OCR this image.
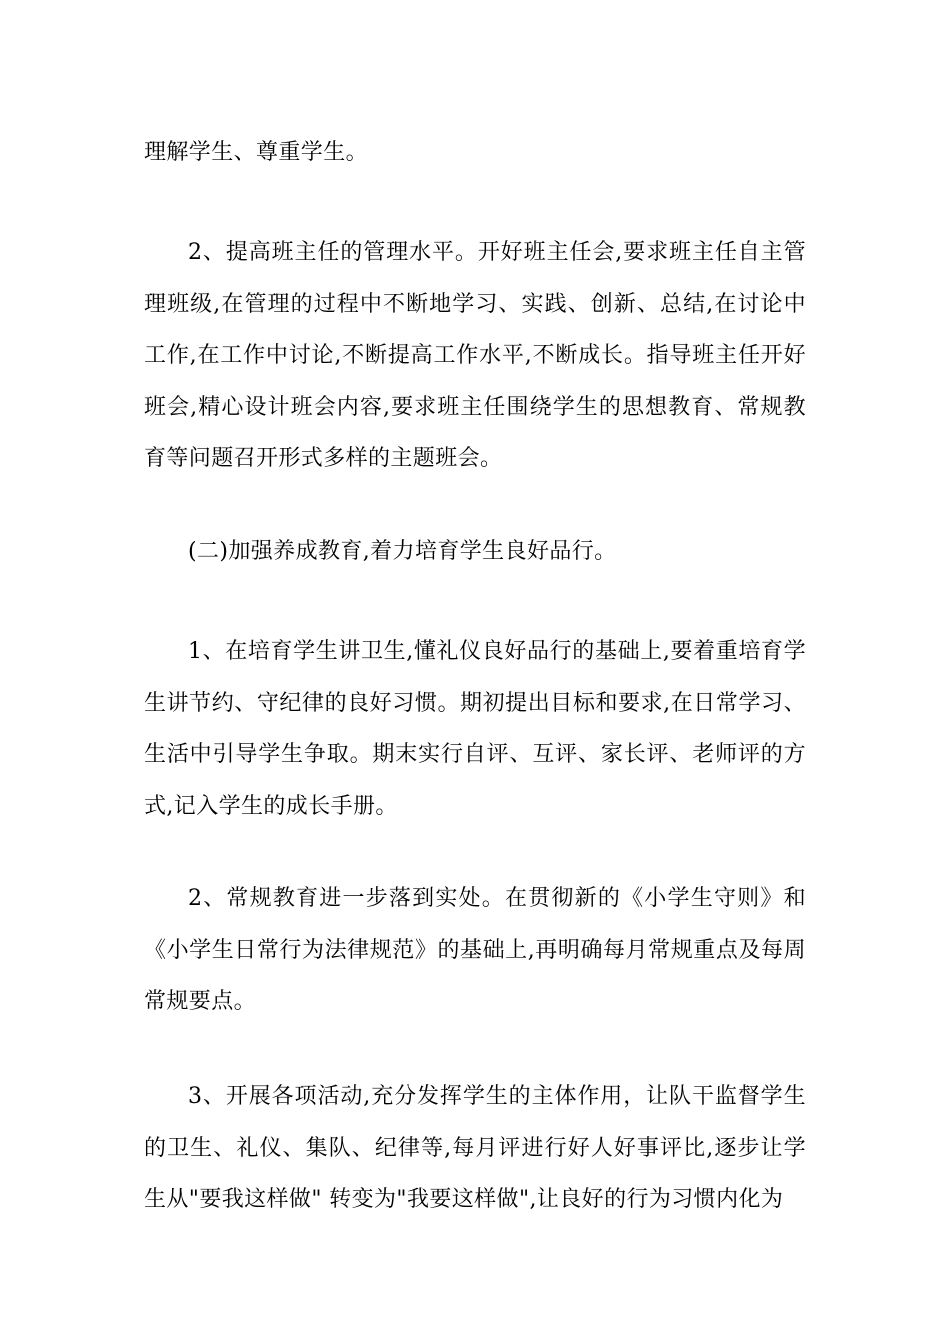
理解学生、尊重学生。

2、提高班主任的管理水平。开好班主任会,要求班主任自主管理班级,在管理的过程中不断地学习、实践、创新、总结,在讨论中工作,在工作中讨论,不断提高工作水平,不断成长。指导班主任开好班会,精心设计班会内容,要求班主任围绕学生的思想教育、常规教育等问题召开形式多样的主题班会。

(二)加强养成教育,着力培育学生良好品行。

1、在培育学生讲卫生,懂礼仪良好品行的基础上,要着重培育学生讲节约、守纪律的良好习惯。期初提出目标和要求,在日常学习、生活中引导学生争取。期末实行自评、互评、家长评、老师评的方式,记入学生的成长手册。

2、常规教育进一步落到实处。在贯彻新的《小学生守则》和《小学生日常行为法律规范》的基础上,再明确每月常规重点及每周常规要点。

3、开展各项活动,充分发挥学生的主体作用，让队干监督学生的卫生、礼仪、集队、纪律等,每月评进行好人好事评比,逐步让学生从"要我这样做" 转变为"我要这样做",让良好的行为习惯内化为
